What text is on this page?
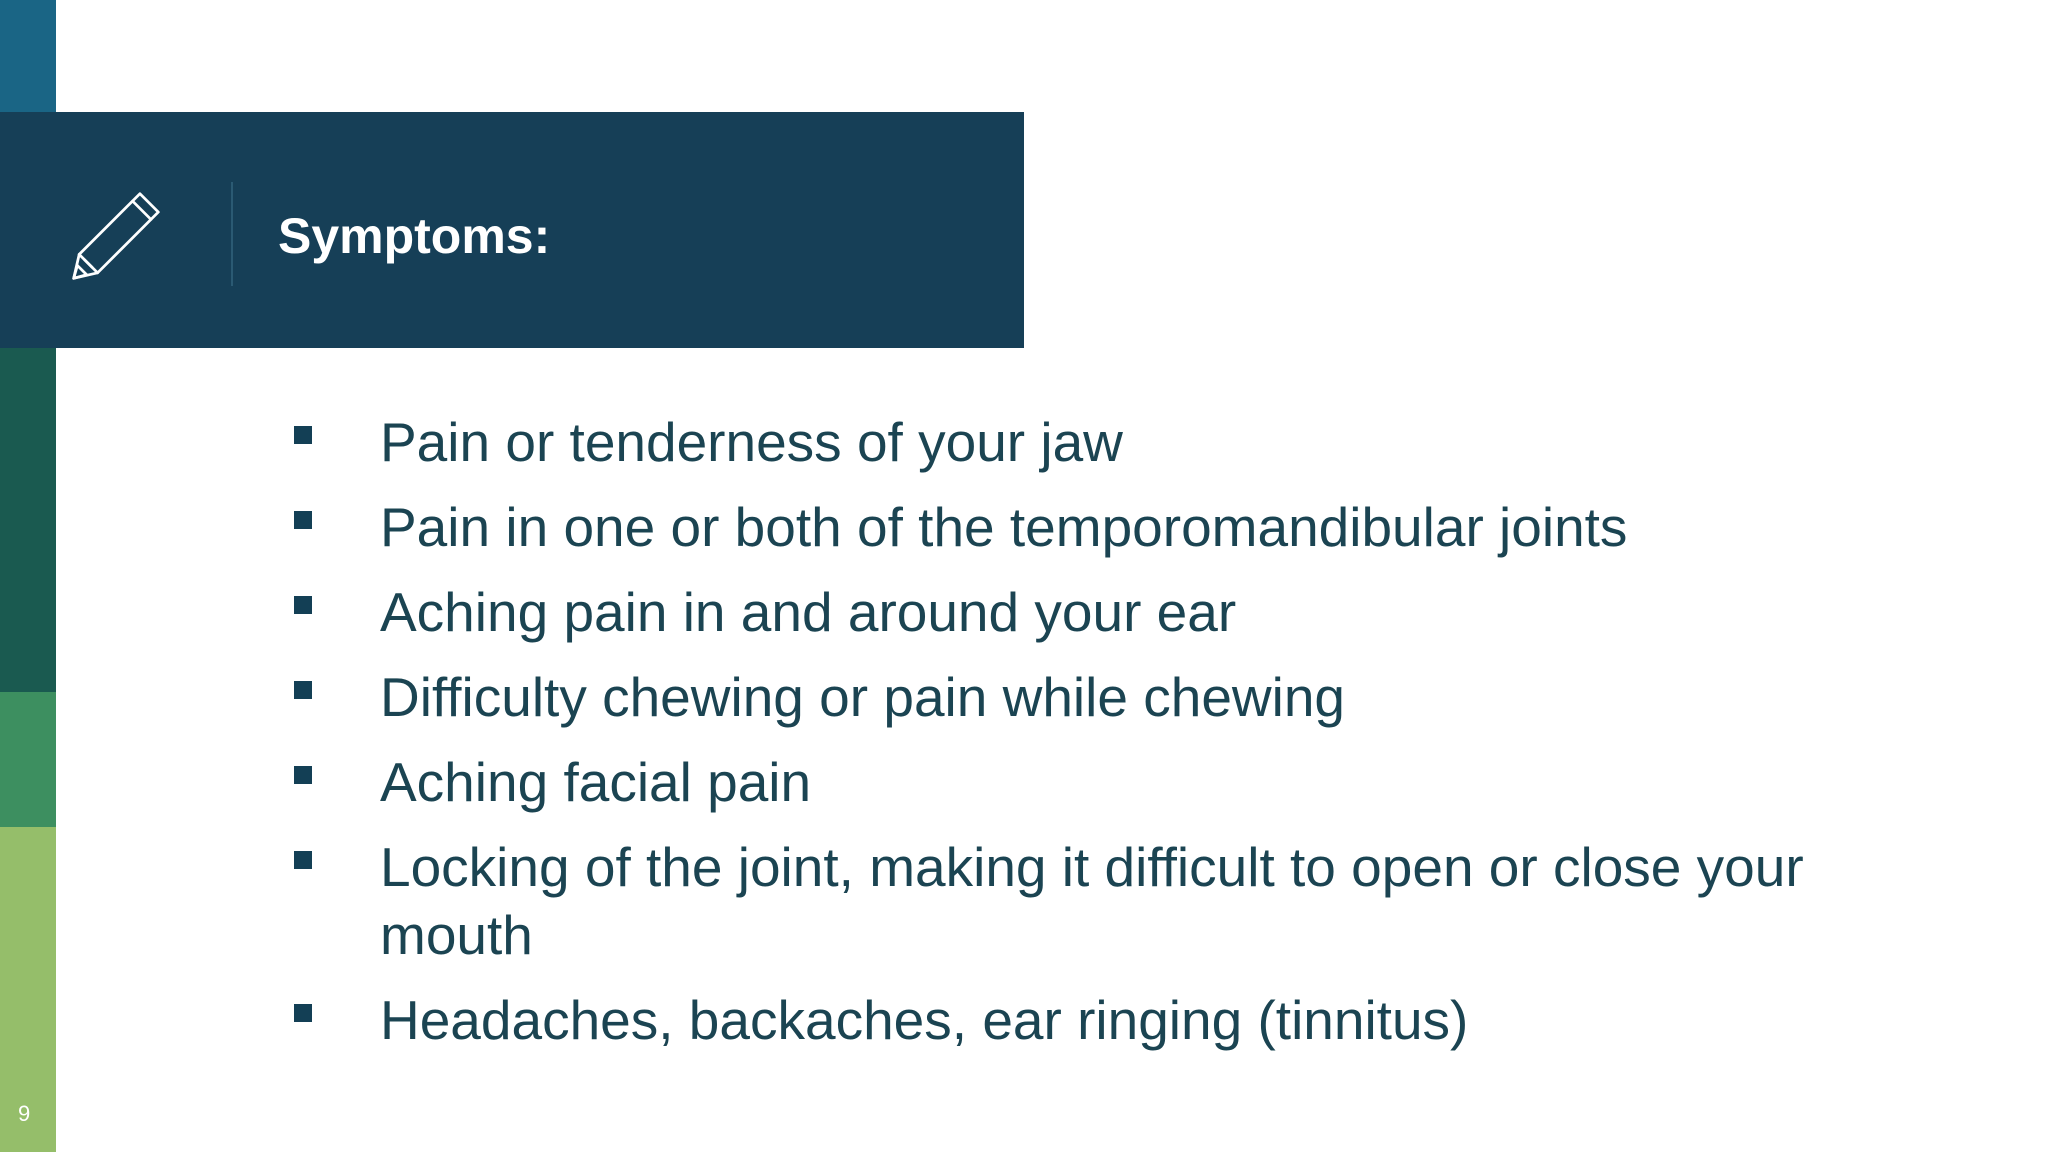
Symptoms:
Pain or tenderness of your jaw
Pain in one or both of the temporomandibular joints
Aching pain in and around your ear
Difficulty chewing or pain while chewing
Aching facial pain
Locking of the joint, making it difficult to open or close your mouth
Headaches, backaches, ear ringing (tinnitus)
9
